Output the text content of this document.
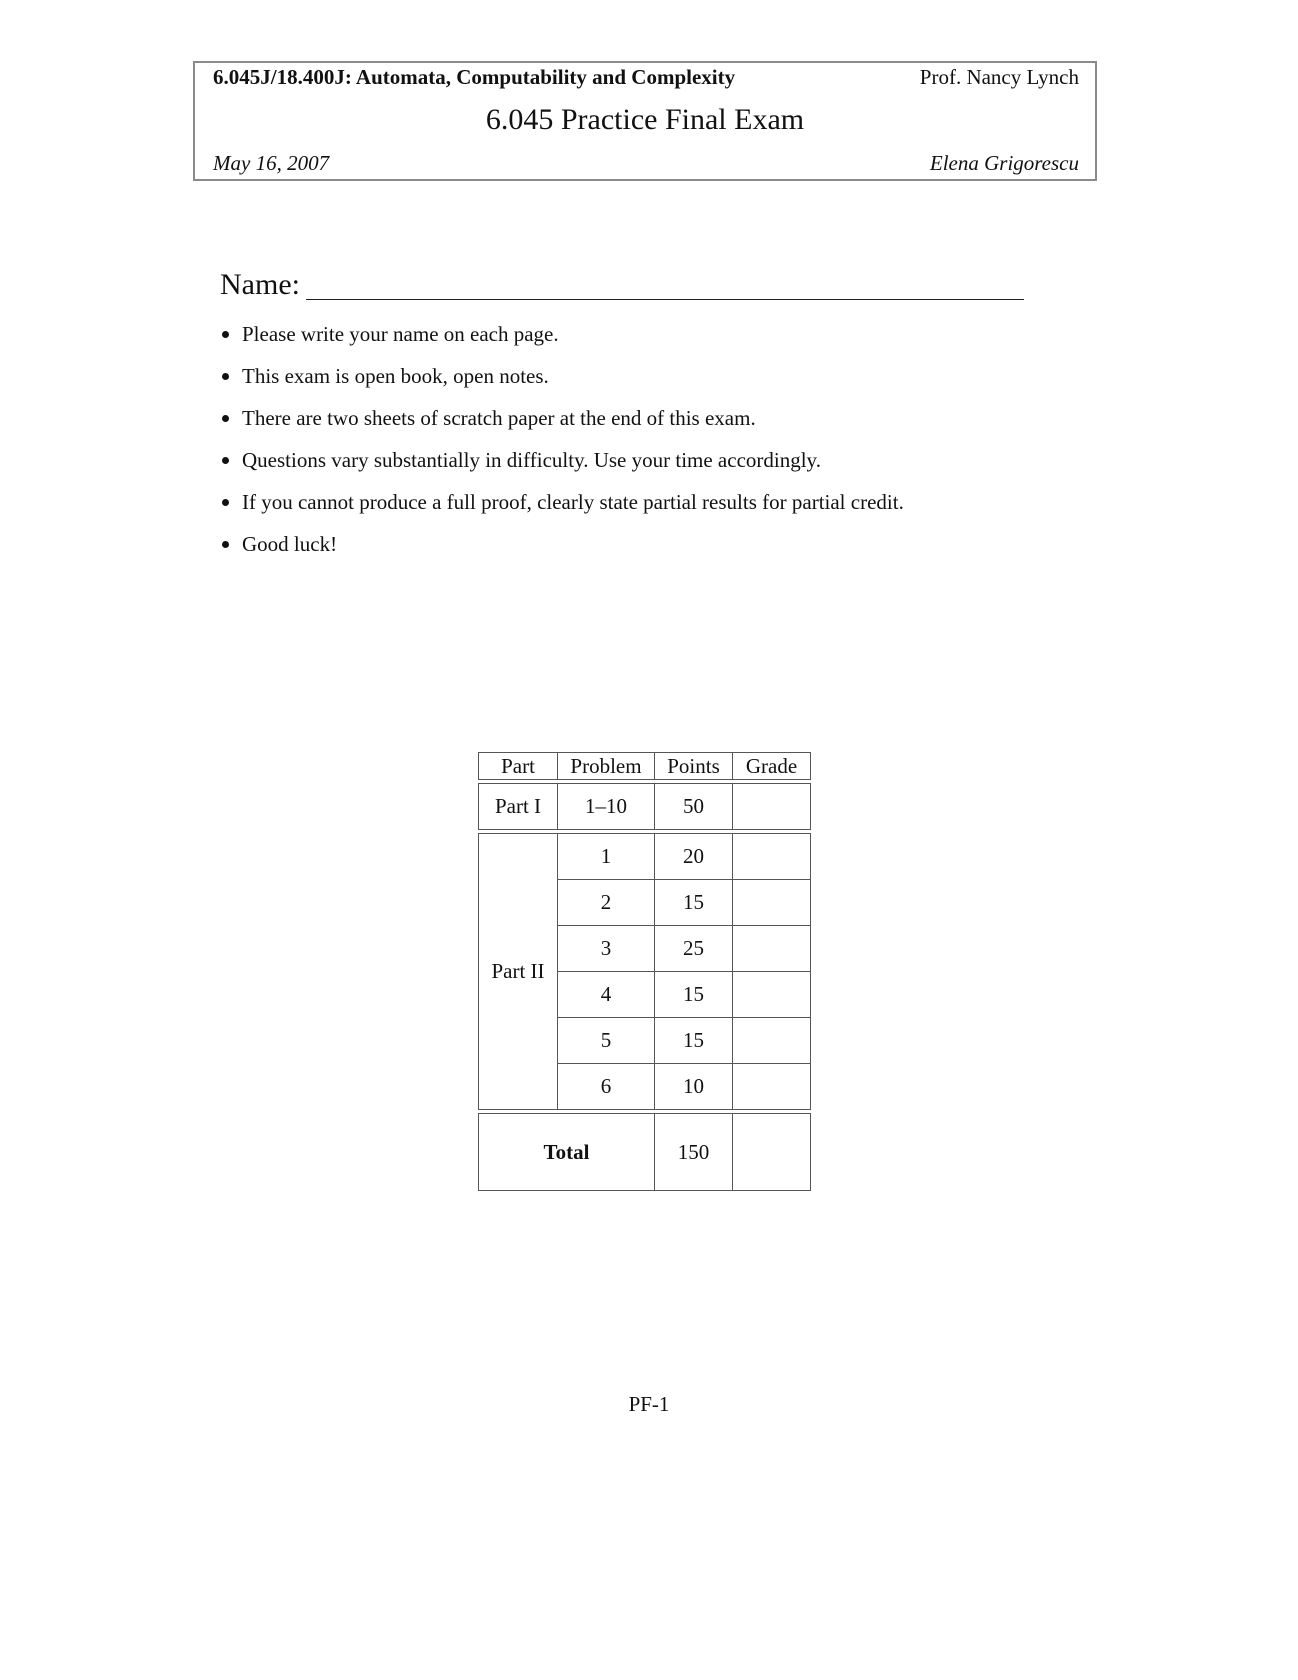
6.045J/18.400J: Automata, Computability and Complexity	Prof. Nancy Lynch
6.045 Practice Final Exam
May 16, 2007	Elena Grigorescu
Name:
Please write your name on each page.
This exam is open book, open notes.
There are two sheets of scratch paper at the end of this exam.
Questions vary substantially in difficulty. Use your time accordingly.
If you cannot produce a full proof, clearly state partial results for partial credit.
Good luck!
Part	Problem	Points	Grade

Part I	1–10	50	

Part II	1	20	
	2	15	
	3	25	
	4	15	
	5	15	
	6	10	

Total		150	
PF-1
